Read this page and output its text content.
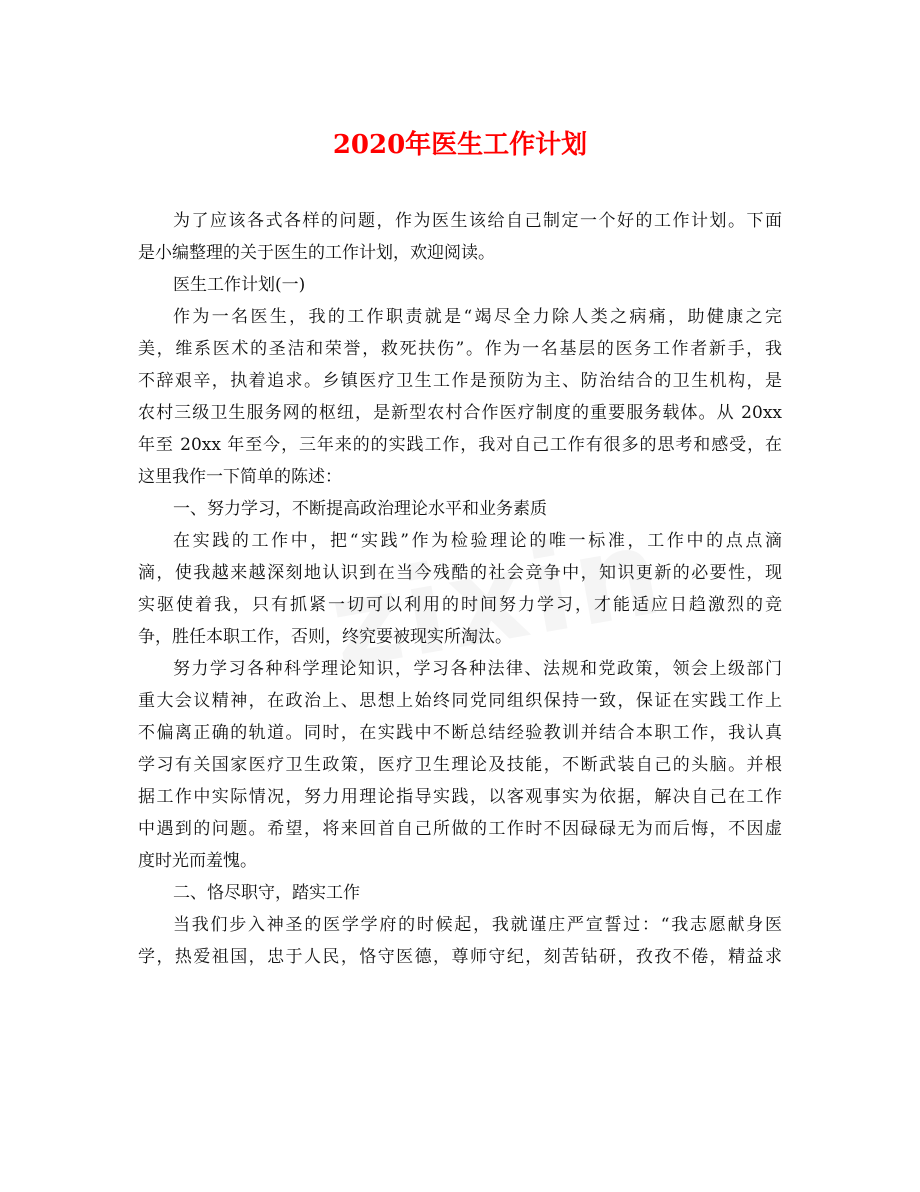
2020年医生工作计划
为了应该各式各样的问题，作为医生该给自己制定一个好的工作计划。下面
是小编整理的关于医生的工作计划，欢迎阅读。
医生工作计划(一)
作为一名医生，我的工作职责就是“竭尽全力除人类之病痛，助健康之完
美，维系医术的圣洁和荣誉，救死扶伤”。作为一名基层的医务工作者新手，我
不辞艰辛，执着追求。乡镇医疗卫生工作是预防为主、防治结合的卫生机构，是
农村三级卫生服务网的枢纽，是新型农村合作医疗制度的重要服务载体。从 20xx
年至 20xx 年至今，三年来的的实践工作，我对自己工作有很多的思考和感受，在
这里我作一下简单的陈述：
一、努力学习，不断提高政治理论水平和业务素质
在实践的工作中，把“实践”作为检验理论的唯一标准，工作中的点点滴
滴，使我越来越深刻地认识到在当今残酷的社会竞争中，知识更新的必要性，现
实驱使着我，只有抓紧一切可以利用的时间努力学习，才能适应日趋激烈的竞
争，胜任本职工作，否则，终究要被现实所淘汰。
努力学习各种科学理论知识，学习各种法律、法规和党政策，领会上级部门
重大会议精神，在政治上、思想上始终同党同组织保持一致，保证在实践工作上
不偏离正确的轨道。同时，在实践中不断总结经验教训并结合本职工作，我认真
学习有关国家医疗卫生政策，医疗卫生理论及技能，不断武装自己的头脑。并根
据工作中实际情况，努力用理论指导实践，以客观事实为依据，解决自己在工作
中遇到的问题。希望，将来回首自己所做的工作时不因碌碌无为而后悔，不因虚
度时光而羞愧。
二、恪尽职守，踏实工作
当我们步入神圣的医学学府的时候起，我就谨庄严宣誓过：“我志愿献身医
学，热爱祖国，忠于人民，恪守医德，尊师守纪，刻苦钻研，孜孜不倦，精益求
